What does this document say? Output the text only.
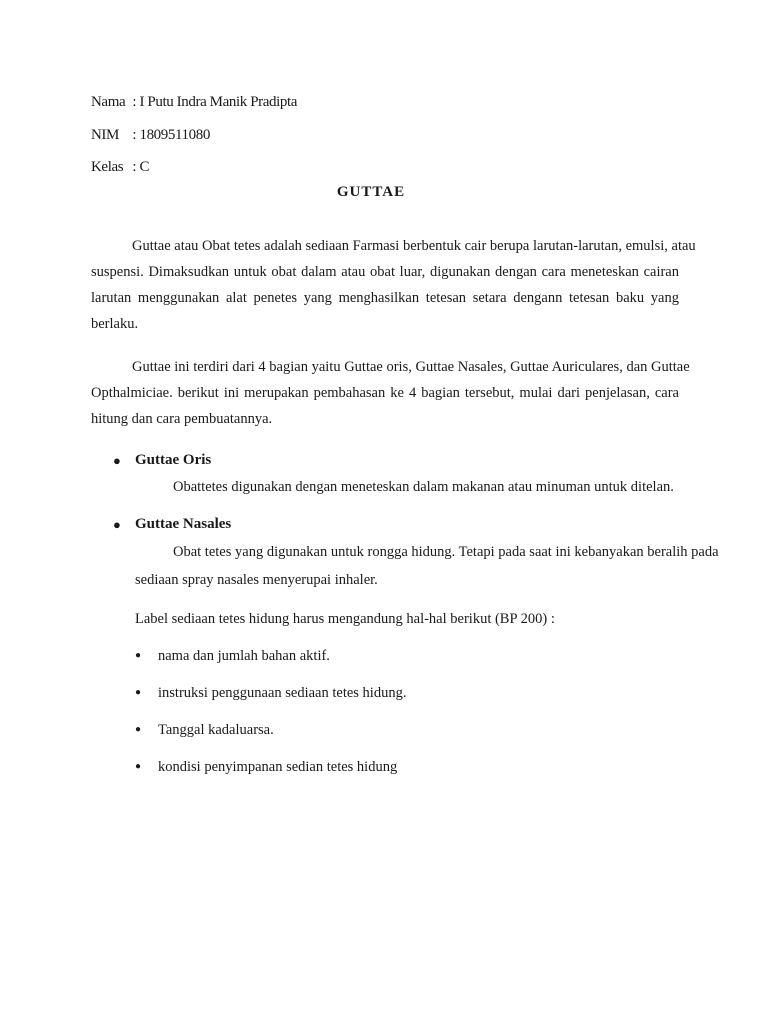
Nama : I Putu Indra Manik Pradipta
NIM : 1809511080
Kelas : C
GUTTAE
Guttae atau Obat tetes adalah sediaan Farmasi berbentuk cair berupa larutan-larutan, emulsi, atau
suspensi. Dimaksudkan untuk obat dalam atau obat luar, digunakan dengan cara meneteskan cairan
larutan menggunakan alat penetes yang menghasilkan tetesan setara dengann tetesan baku yang
berlaku.
Guttae ini terdiri dari 4 bagian yaitu Guttae oris, Guttae Nasales, Guttae Auriculares, dan Guttae
Opthalmiciae. berikut ini merupakan pembahasan ke 4 bagian tersebut, mulai dari penjelasan, cara
hitung dan cara pembuatannya.
● Guttae Oris
Obattetes digunakan dengan meneteskan dalam makanan atau minuman untuk ditelan.
● Guttae Nasales
Obat tetes yang digunakan untuk rongga hidung. Tetapi pada saat ini kebanyakan beralih pada
sediaan spray nasales menyerupai inhaler.
Label sediaan tetes hidung harus mengandung hal-hal berikut (BP 200) :
● nama dan jumlah bahan aktif.
● instruksi penggunaan sediaan tetes hidung.
● Tanggal kadaluarsa.
● kondisi penyimpanan sedian tetes hidung
